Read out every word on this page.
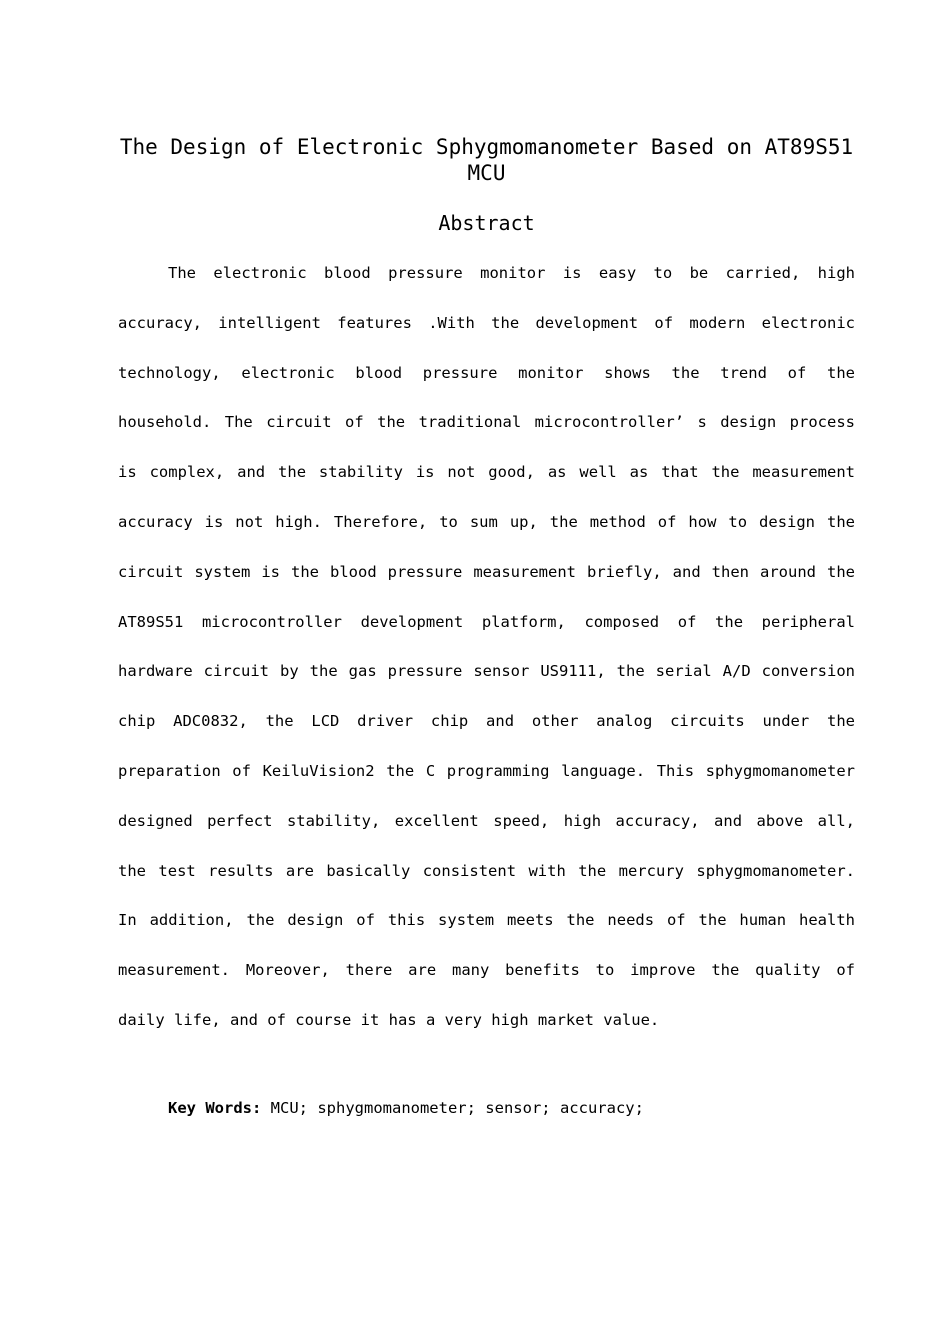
The Design of Electronic Sphygmomanometer Based on AT89S51
MCU
Abstract
The electronic blood pressure monitor is easy to be carried, high
accuracy, intelligent features .With the development of modern electronic
technology, electronic blood pressure monitor shows the trend of the
household. The circuit of the traditional microcontroller’ s design process
is complex, and the stability is not good, as well as that the measurement
accuracy is not high. Therefore, to sum up, the method of how to design the
circuit system is the blood pressure measurement briefly, and then around the
AT89S51 microcontroller development platform, composed of the peripheral
hardware circuit by the gas pressure sensor US9111, the serial A/D conversion
chip ADC0832, the LCD driver chip and other analog circuits under the
preparation of KeiluVision2 the C programming language. This sphygmomanometer
designed perfect stability, excellent speed, high accuracy, and above all,
the test results are basically consistent with the mercury sphygmomanometer.
In addition, the design of this system meets the needs of the human health
measurement. Moreover, there are many benefits to improve the quality of
daily life, and of course it has a very high market value.
Key Words: MCU; sphygmomanometer; sensor; accuracy;
